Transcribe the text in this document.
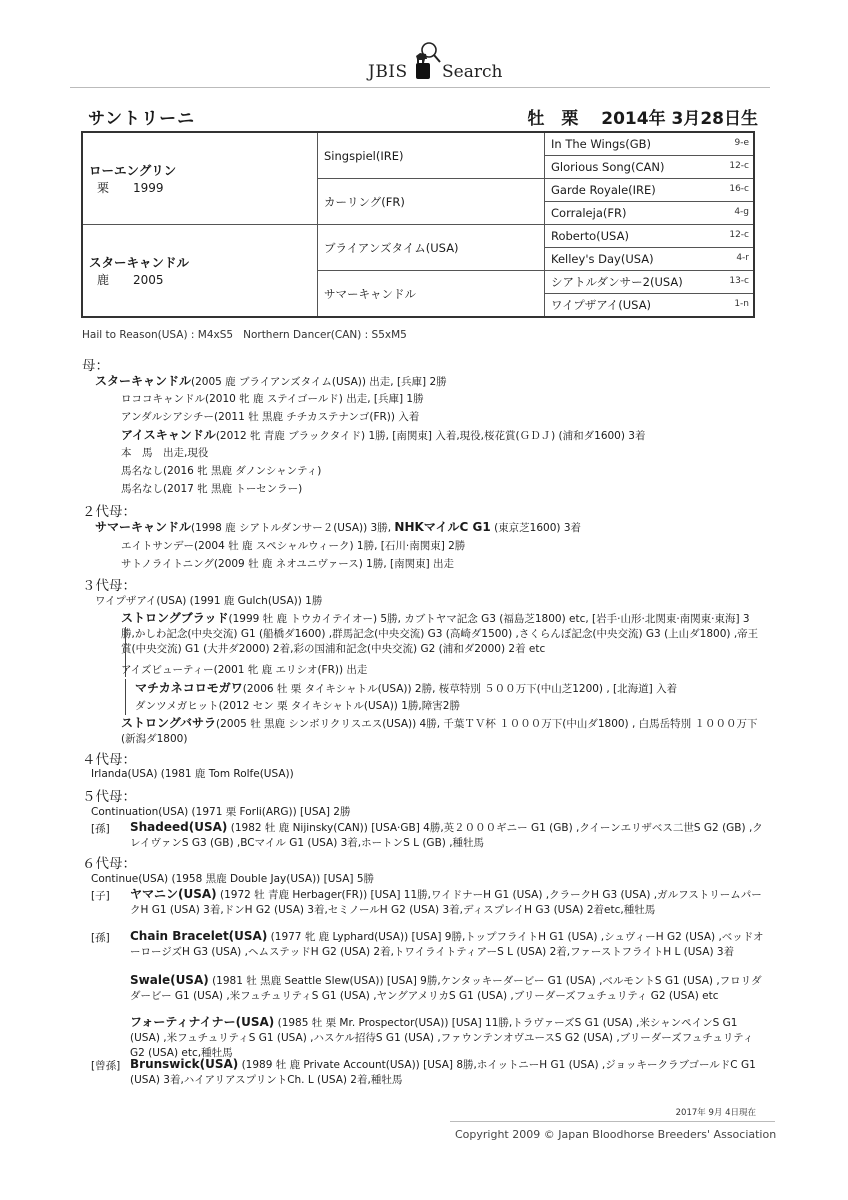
JBIS Search
サントリーニ	牡　栗　 2014年 3月28日生
ローエングリン
栗　　1999	Singspiel(IRE)	In The Wings(GB) 9-e

		Glorious Song(CAN) 12-c

	カーリング(FR)	Garde Royale(IRE) 16-c

		Corraleja(FR) 4-g

スターキャンドル
鹿　　2005	ブライアンズタイム(USA)	Roberto(USA) 12-c

		Kelley's Day(USA) 4-r

	サマーキャンドル	シアトルダンサー2(USA) 13-c

		ワイプザアイ(USA) 1-n
Hail to Reason(USA) : M4xS5   Northern Dancer(CAN) : S5xM5
母：
スターキャンドル(2005 鹿 ブライアンズタイム(USA)) 出走, [兵庫] 2勝
ロココキャンドル(2010 牝 鹿 ステイゴールド) 出走, [兵庫] 1勝
アンダルシアシチー(2011 牡 黒鹿 チチカステナンゴ(FR)) 入着
アイスキャンドル(2012 牝 青鹿 ブラックタイド) 1勝, [南関東] 入着,現役,桜花賞(ＧＤＪ) (浦和ダ1600) 3着
本　馬　出走,現役
馬名なし(2016 牝 黒鹿 ダノンシャンティ)
馬名なし(2017 牝 黒鹿 トーセンラー)
２代母：
サマーキャンドル(1998 鹿 シアトルダンサー２(USA)) 3勝, NHKマイルC G1 (東京芝1600) 3着
エイトサンデー(2004 牡 鹿 スペシャルウィーク) 1勝, [石川·南関東] 2勝
サトノライトニング(2009 牡 鹿 ネオユニヴァース) 1勝, [南関東] 出走
３代母：
ワイプザアイ(USA) (1991 鹿 Gulch(USA)) 1勝
ストロングブラッド(1999 牡 鹿 トウカイテイオー) 5勝, カブトヤマ記念 G3 (福島芝1800) etc, [岩手·山形·北関東·南関東·東海] 3勝,かしわ記念(中央交流) G1 (船橋ダ1600) ,群馬記念(中央交流) G3 (高崎ダ1500) ,さくらんぼ記念(中央交流) G3 (上山ダ1800) ,帝王賞(中央交流) G1 (大井ダ2000) 2着,彩の国浦和記念(中央交流) G2 (浦和ダ2000) 2着 etc
アイズビューティー(2001 牝 鹿 エリシオ(FR)) 出走
マチカネコロモガワ(2006 牡 栗 タイキシャトル(USA)) 2勝, 桜草特別 ５００万下(中山芝1200) , [北海道] 入着
ダンツメガヒット(2012 セン 栗 タイキシャトル(USA)) 1勝,障害2勝
ストロングバサラ(2005 牡 黒鹿 シンボリクリスエス(USA)) 4勝, 千葉ＴＶ杯 １０００万下(中山ダ1800) , 白馬岳特別 １０００万下(新潟ダ1800)
４代母：
Irlanda(USA) (1981 鹿 Tom Rolfe(USA))
５代母：
Continuation(USA) (1971 栗 Forli(ARG)) [USA] 2勝
[孫] Shadeed(USA) (1982 牡 鹿 Nijinsky(CAN)) [USA·GB] 4勝,英２０００ギニー G1 (GB) ,クイーンエリザベス二世S G2 (GB) ,クレイヴァンS G3 (GB) ,BCマイル G1 (USA) 3着,ホートンS L (GB) ,種牡馬
６代母：
Continue(USA) (1958 黒鹿 Double Jay(USA)) [USA] 5勝
[子] ヤマニン(USA) (1972 牡 青鹿 Herbager(FR)) [USA] 11勝,ワイドナーH G1 (USA) ,クラークH G3 (USA) ,ガルフストリームパークH G1 (USA) 3着,ドンH G2 (USA) 3着,セミノールH G2 (USA) 3着,ディスプレイH G3 (USA) 2着etc,種牡馬
[孫] Chain Bracelet(USA) (1977 牝 鹿 Lyphard(USA)) [USA] 9勝,トップフライトH G1 (USA) ,シュヴィーH G2 (USA) ,ベッドオーロージズH G3 (USA) ,ヘムステッドH G2 (USA) 2着,トワイライトティアーS L (USA) 2着,ファーストフライトH L (USA) 3着
Swale(USA) (1981 牡 黒鹿 Seattle Slew(USA)) [USA] 9勝,ケンタッキーダービー G1 (USA) ,ベルモントS G1 (USA) ,フロリダダービー G1 (USA) ,米フュチュリティS G1 (USA) ,ヤングアメリカS G1 (USA) ,ブリーダーズフュチュリティ G2 (USA) etc
フォーティナイナー(USA) (1985 牡 栗 Mr. Prospector(USA)) [USA] 11勝,トラヴァーズS G1 (USA) ,米シャンペインS G1 (USA) ,米フュチュリティS G1 (USA) ,ハスケル招待S G1 (USA) ,ファウンテンオヴユースS G2 (USA) ,ブリーダーズフュチュリティ G2 (USA) etc,種牡馬
[曾孫] Brunswick(USA) (1989 牡 鹿 Private Account(USA)) [USA] 8勝,ホイットニーH G1 (USA) ,ジョッキークラブゴールドC G1 (USA) 3着,ハイアリアスプリントCh. L (USA) 2着,種牡馬
2017年 9月 4日現在
Copyright 2009 © Japan Bloodhorse Breeders' Association
